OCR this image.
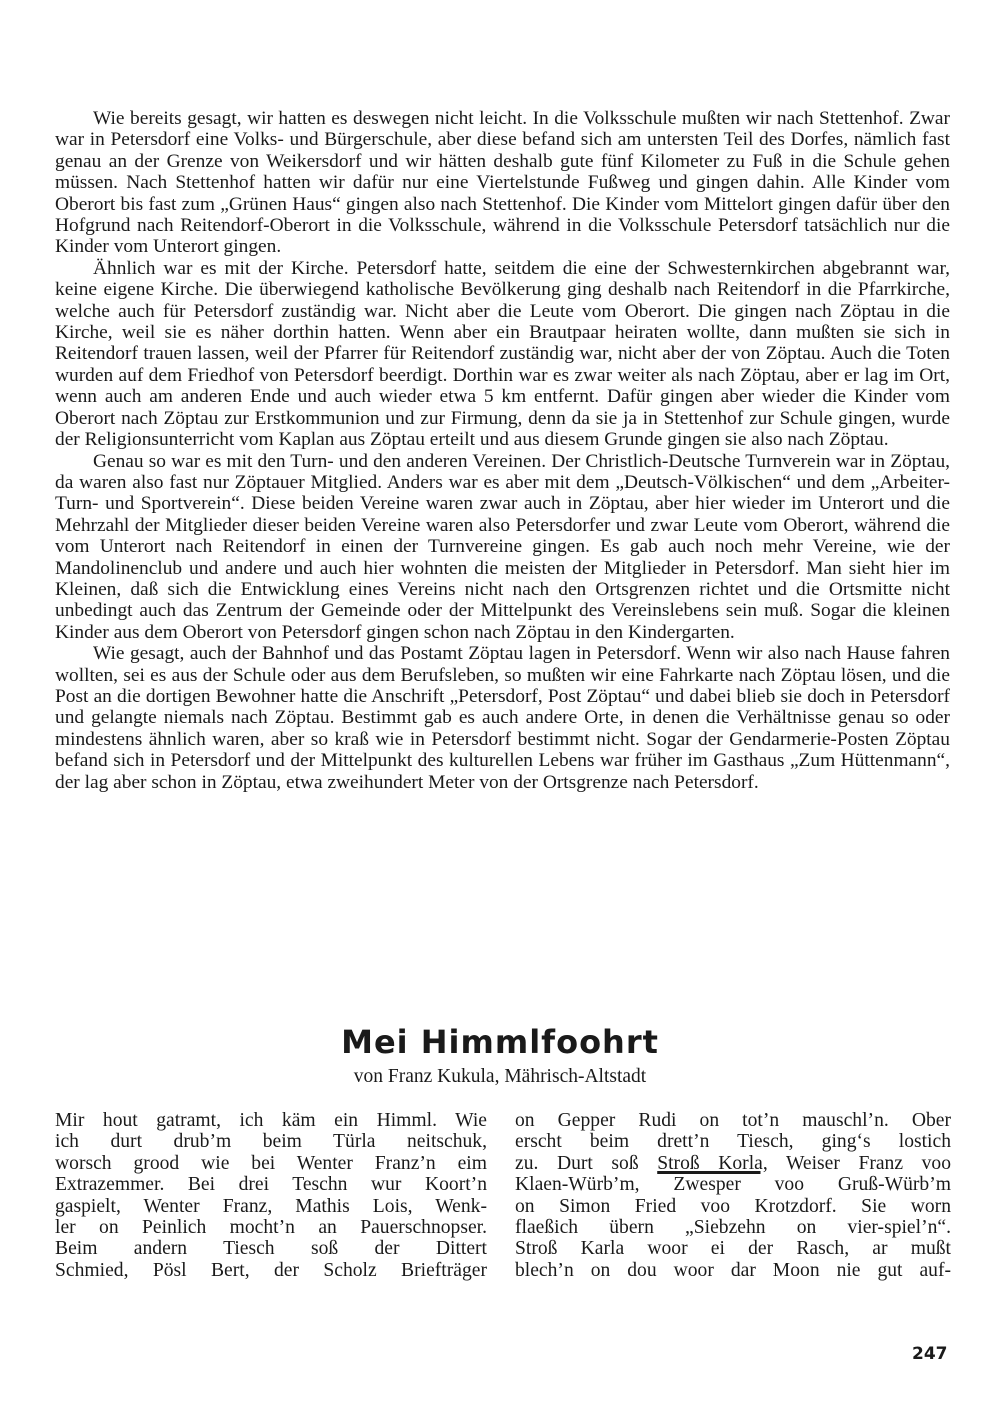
Wie bereits gesagt, wir hatten es deswegen nicht leicht. In die Volksschule mußten wir nach Stettenhof. Zwar war in Petersdorf eine Volks- und Bürgerschule, aber diese befand sich am untersten Teil des Dorfes, nämlich fast genau an der Grenze von Weikersdorf und wir hätten deshalb gute fünf Kilometer zu Fuß in die Schule gehen müssen. Nach Stettenhof hatten wir dafür nur eine Viertelstunde Fußweg und gingen dahin. Alle Kinder vom Oberort bis fast zum „Grünen Haus“ gingen also nach Stettenhof. Die Kinder vom Mittelort gingen dafür über den Hofgrund nach Reitendorf-Oberort in die Volksschule, während in die Volksschule Petersdorf tatsächlich nur die Kinder vom Unterort gingen.

Ähnlich war es mit der Kirche. Petersdorf hatte, seitdem die eine der Schwesternkirchen abgebrannt war, keine eigene Kirche. Die überwiegend katholische Bevölkerung ging deshalb nach Reitendorf in die Pfarrkirche, welche auch für Petersdorf zuständig war. Nicht aber die Leute vom Oberort. Die gingen nach Zöptau in die Kirche, weil sie es näher dorthin hatten. Wenn aber ein Brautpaar heiraten wollte, dann mußten sie sich in Reitendorf trauen lassen, weil der Pfarrer für Reitendorf zuständig war, nicht aber der von Zöptau. Auch die Toten wurden auf dem Friedhof von Petersdorf beerdigt. Dorthin war es zwar weiter als nach Zöptau, aber er lag im Ort, wenn auch am anderen Ende und auch wieder etwa 5 km entfernt. Dafür gingen aber wieder die Kinder vom Oberort nach Zöptau zur Erstkommunion und zur Firmung, denn da sie ja in Stettenhof zur Schule gingen, wurde der Religionsunterricht vom Kaplan aus Zöptau erteilt und aus diesem Grunde gingen sie also nach Zöptau.

Genau so war es mit den Turn- und den anderen Vereinen. Der Christlich-Deutsche Turnverein war in Zöptau, da waren also fast nur Zöptauer Mitglied. Anders war es aber mit dem „Deutsch-Völkischen“ und dem „Arbeiter-Turn- und Sportverein“. Diese beiden Vereine waren zwar auch in Zöptau, aber hier wieder im Unterort und die Mehrzahl der Mitglieder dieser beiden Vereine waren also Petersdorfer und zwar Leute vom Oberort, während die vom Unterort nach Reitendorf in einen der Turnvereine gingen. Es gab auch noch mehr Vereine, wie der Mandolinenclub und andere und auch hier wohnten die meisten der Mitglieder in Petersdorf. Man sieht hier im Kleinen, daß sich die Entwicklung eines Vereins nicht nach den Ortsgrenzen richtet und die Ortsmitte nicht unbedingt auch das Zentrum der Gemeinde oder der Mittelpunkt des Vereinslebens sein muß. Sogar die kleinen Kinder aus dem Oberort von Petersdorf gingen schon nach Zöptau in den Kindergarten.

Wie gesagt, auch der Bahnhof und das Postamt Zöptau lagen in Petersdorf. Wenn wir also nach Hause fahren wollten, sei es aus der Schule oder aus dem Berufsleben, so mußten wir eine Fahrkarte nach Zöptau lösen, und die Post an die dortigen Bewohner hatte die Anschrift „Petersdorf, Post Zöptau“ und dabei blieb sie doch in Petersdorf und gelangte niemals nach Zöptau. Bestimmt gab es auch andere Orte, in denen die Verhältnisse genau so oder mindestens ähnlich waren, aber so kraß wie in Petersdorf bestimmt nicht. Sogar der Gendarmerie-Posten Zöptau befand sich in Petersdorf und der Mittelpunkt des kulturellen Lebens war früher im Gasthaus „Zum Hüttenmann“, der lag aber schon in Zöptau, etwa zweihundert Meter von der Ortsgrenze nach Petersdorf.

Mei Himmlfoohrt
von Franz Kukula, Mährisch-Altstadt
Mir hout gatramt, ich käm ein Himml. Wie
ich durt drub’m beim Türla neitschuk,
worsch grood wie bei Wenter Franz’n eim
Extrazemmer. Bei drei Teschn wur Koort’n
gaspielt, Wenter Franz, Mathis Lois, Wenk-
ler on Peinlich mocht’n an Pauerschnopser.
Beim andern Tiesch soß der Dittert
Schmied, Pösl Bert, der Scholz Briefträger
on Gepper Rudi on tot’n mauschl’n. Ober
erscht beim drett’n Tiesch, ging‘s lostich
zu. Durt soß Stroß Korla, Weiser Franz voo
Klaen-Würb’m, Zwesper voo Gruß-Würb’m
on Simon Fried voo Krotzdorf. Sie worn
flaeßich übern „Siebzehn on vier-spiel’n“.
Stroß Karla woor ei der Rasch, ar mußt
blech’n on dou woor dar Moon nie gut auf-
247
